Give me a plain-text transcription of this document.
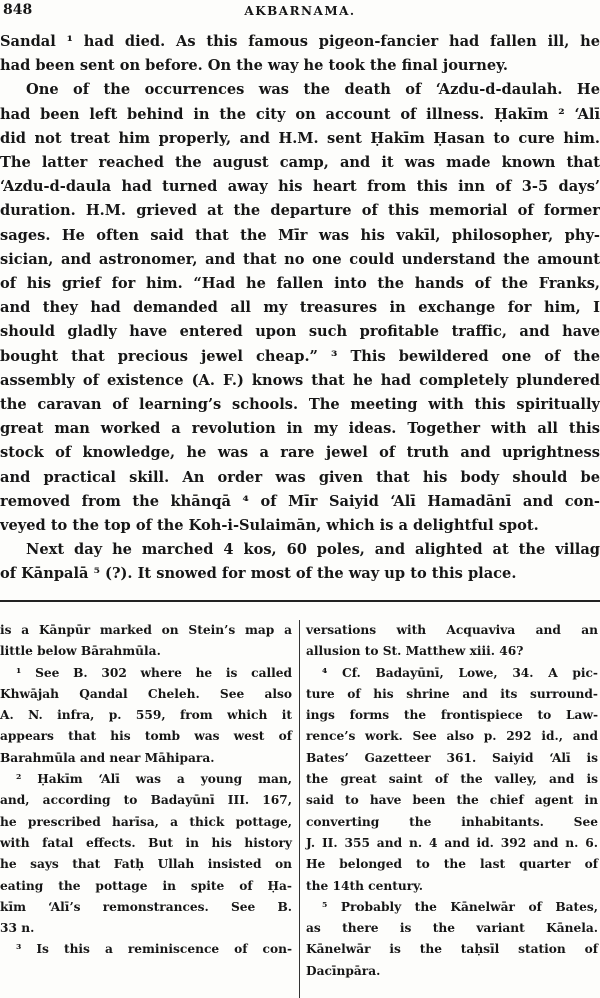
848	AKBARNAMA.

Sandal ¹ had died. As this famous pigeon-fancier had fallen ill, he

had been sent on before. On the way he took the final journey.

One of the occurrences was the death of ‘Azdu-d-daulah. He

had been left behind in the city on account of illness. Ḥakīm ² ‘Alī

did not treat him properly, and H.M. sent Ḥakīm Ḥasan to cure him.

The latter reached the august camp, and it was made known that

‘Azdu-d-daula had turned away his heart from this inn of 3-5 days’

duration. H.M. grieved at the departure of this memorial of former

sages. He often said that the Mīr was his vakīl, philosopher, phy-

sician, and astronomer, and that no one could understand the amount

of his grief for him. “Had he fallen into the hands of the Franks,

and they had demanded all my treasures in exchange for him, I

should gladly have entered upon such profitable traffic, and have

bought that precious jewel cheap.” ³ This bewildered one of the

assembly of existence (A. F.) knows that he had completely plundered

the caravan of learning’s schools. The meeting with this spiritually

great man worked a revolution in my ideas. Together with all this

stock of knowledge, he was a rare jewel of truth and uprightness

and practical skill. An order was given that his body should be

removed from the khānqā ⁴ of Mīr Saiyid ‘Alī Hamadānī and con-

veyed to the top of the Koh-i-Sulaimān, which is a delightful spot.

Next day he marched 4 kos, 60 poles, and alighted at the villag

of Kānpalā ⁵ (?). It snowed for most of the way up to this place.

is a Kānpūr marked on Stein’s map a

little below Bārahmūla.

¹ See B. 302 where he is called

Khwājah Qandal Cheleh. See also

A. N. infra, p. 559, from which it

appears that his tomb was west of

Barahmūla and near Māhipara.

² Ḥakīm ‘Alī was a young man,

and, according to Badayūnī III. 167,

he prescribed harīsa, a thick pottage,

with fatal effects. But in his history

he says that Fatḥ Ullah insisted on

eating the pottage in spite of Ḥa-

kīm ‘Alī’s remonstrances. See B.

33 n.

³ Is this a reminiscence of con-

versations with Acquaviva and an

allusion to St. Matthew xiii. 46?

⁴ Cf. Badayūnī, Lowe, 34. A pic-

ture of his shrine and its surround-

ings forms the frontispiece to Law-

rence’s work. See also p. 292 id., and

Bates’ Gazetteer 361. Saiyid ‘Alī is

the great saint of the valley, and is

said to have been the chief agent in

converting the inhabitants. See

J. II. 355 and n. 4 and id. 392 and n. 6.

He belonged to the last quarter of

the 14th century.

⁵ Probably the Kānelwār of Bates,

as there is the variant Kānela.

Kānelwār is the taḥsīl station of

Dacīnpāra.
